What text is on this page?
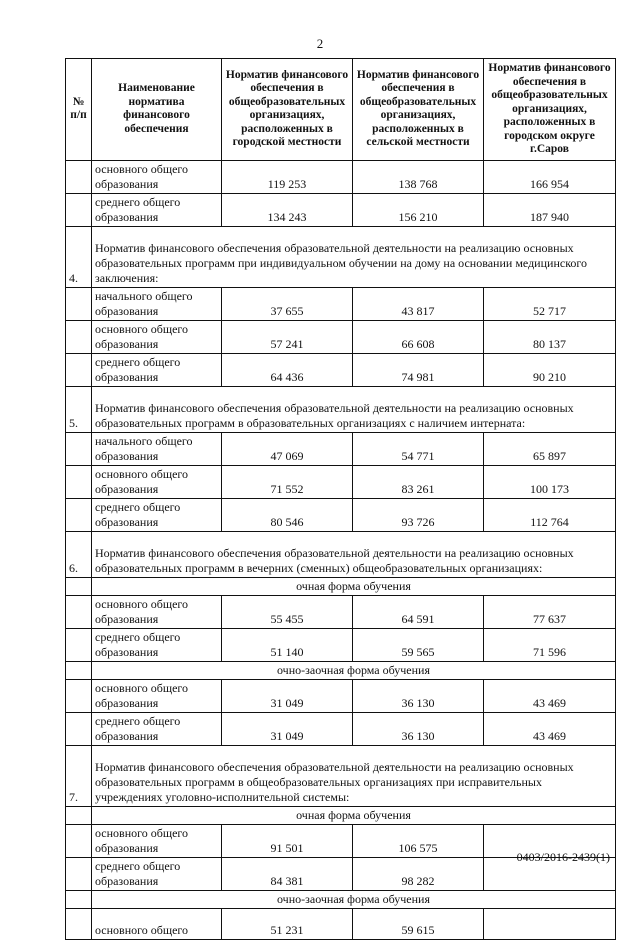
2
№ п/п	Наименование норматива финансового обеспечения	Норматив финансового обеспечения в общеобразовательных организациях, расположенных в городской местности	Норматив финансового обеспечения в общеобразовательных организациях, расположенных в сельской местности	Норматив финансового обеспечения в общеобразовательных организациях, расположенных в городском округе г.Саров
	основного общего образования	119 253	138 768	166 954
	среднего общего образования	134 243	156 210	187 940
4.	Норматив финансового обеспечения образовательной деятельности на реализацию основных образовательных программ при индивидуальном обучении на дому на основании медицинского заключения:			
	начального общего образования	37 655	43 817	52 717
	основного общего образования	57 241	66 608	80 137
	среднего общего образования	64 436	74 981	90 210
5.	Норматив финансового обеспечения образовательной деятельности на реализацию основных образовательных программ в образовательных организациях с наличием интерната:			
	начального общего образования	47 069	54 771	65 897
	основного общего образования	71 552	83 261	100 173
	среднего общего образования	80 546	93 726	112 764
6.	Норматив финансового обеспечения образовательной деятельности на реализацию основных образовательных программ в вечерних (сменных) общеобразовательных организациях:			
	очная форма обучения			
	основного общего образования	55 455	64 591	77 637
	среднего общего образования	51 140	59 565	71 596
	очно-заочная форма обучения			
	основного общего образования	31 049	36 130	43 469
	среднего общего образования	31 049	36 130	43 469
7.	Норматив финансового обеспечения образовательной деятельности на реализацию основных образовательных программ в общеобразовательных организациях при исправительных учреждениях уголовно-исполнительной системы:			
	очная форма обучения			
	основного общего образования	91 501	106 575	
	среднего общего образования	84 381	98 282	
	очно-заочная форма обучения			
	основного общего	51 231	59 615	
0403/2016-2439(1)
